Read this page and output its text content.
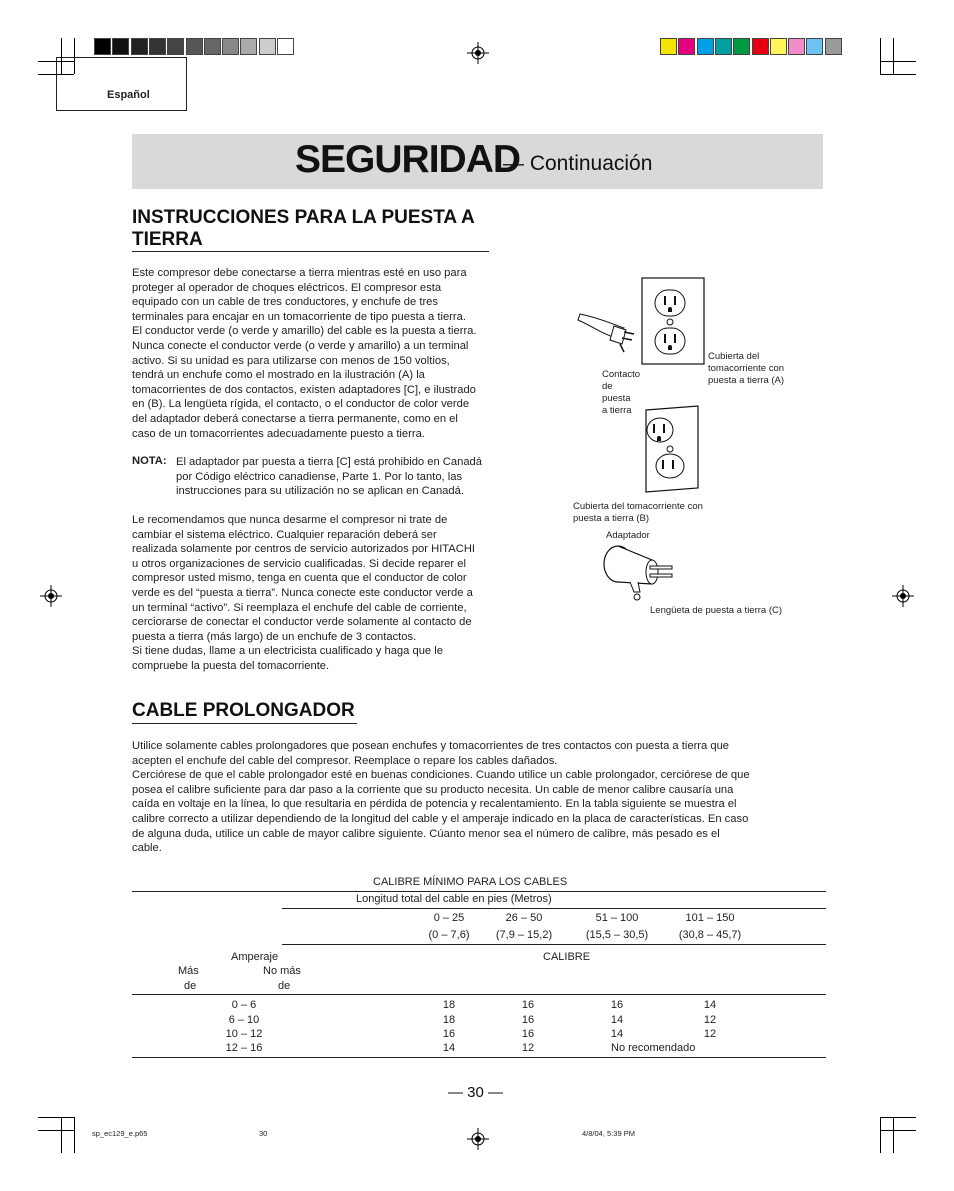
Español
SEGURIDAD
— Continuación
INSTRUCCIONES PARA LA PUESTA A
TIERRA

Este compresor debe conectarse a tierra mientras esté en uso para

proteger al operador de choques eléctricos. El compresor esta

equipado con un cable de tres conductores, y enchufe de tres

terminales para encajar en un tomacorriente de tipo puesta a tierra.

El conductor verde (o verde y amarillo) del cable es la puesta a tierra.

Nunca conecte el conductor verde (o verde y amarillo) a un terminal

activo. Si su unidad es para utilizarse con menos de 150 voltios,

tendrá un enchufe como el mostrado en la ilustración (A) la

tomacorrientes de dos contactos, existen adaptadores [C], e ilustrado

en (B). La lengüeta rígida, el contacto, o el conductor de color verde

del adaptador deberá conectarse a tierra permanente, como en el

caso de un tomacorrientes adecuadamente puesto a tierra.

NOTA: El adaptador par puesta a tierra [C] está prohibido en Canadá

por Código eléctrico canadiense, Parte 1. Por lo tanto, las

instrucciones para su utilización no se aplican en Canadá.

Le recomendamos que nunca desarme el compresor ni trate de

cambiar el sistema eléctrico. Cualquier reparación deberá ser

realizada solamente por centros de servicio autorizados por HITACHI

u otros organizaciones de servicio cualificadas. Si decide reparer el

compresor usted mismo, tenga en cuenta que el conductor de color

verde es del “puesta a tierra”. Nunca conecte este conductor verde a

un terminal “activo”. Si reemplaza el enchufe del cable de corriente,

cerciorarse de conectar el conductor verde solamente al contacto de

puesta a tierra (más largo) de un enchufe de 3 contactos.

Si tiene dudas, llame a un electricista cualificado y haga que le

compruebe la puesta del tomacorriente.

Contacto
de
puesta
a tierra
Cubierta del
tomacorriente con
puesta a tierra (A)
Cubierta del tomacorriente con
puesta a tierra (B)
Adaptador
Lengüeta de puesta a tierra (C)
CABLE PROLONGADOR

Utilice solamente cables prolongadores que posean enchufes y tomacorrientes de tres contactos con puesta a tierra que

acepten el enchufe del cable del compresor. Reemplace o repare los cables dañados.

Cerciórese de que el cable prolongador esté en buenas condiciones. Cuando utilice un cable prolongador, cerciórese de que

posea el calibre suficiente para dar paso a la corriente que su producto necesita. Un cable de menor calibre causaría una

caída en voltaje en la línea, lo que resultaria en pérdida de potencia y recalentamiento. En la tabla siguiente se muestra el

calibre correcto a utilizar dependiendo de la longitud del cable y el amperaje indicado en la placa de características. En caso

de alguna duda, utilice un cable de mayor calibre siguiente. Cúanto menor sea el número de calibre, más pesado es el

cable.

CALIBRE MÍNIMO PARA LOS CABLES
Longitud total del cable en pies (Metros)
0 – 25	26 – 50	51 – 100	101 – 150
(0 – 7,6)	(7,9 – 15,2)	(15,5 – 30,5)	(30,8 – 45,7)
Amperaje	CALIBRE
Más	No más
de	de
0 – 6	18	16	16	14
6 – 10	18	16	14	12
10 – 12	16	16	14	12
12 – 16	14	12	No recomendado
— 30 —
sp_ec129_e.p65	30	4/8/04, 5:39 PM
